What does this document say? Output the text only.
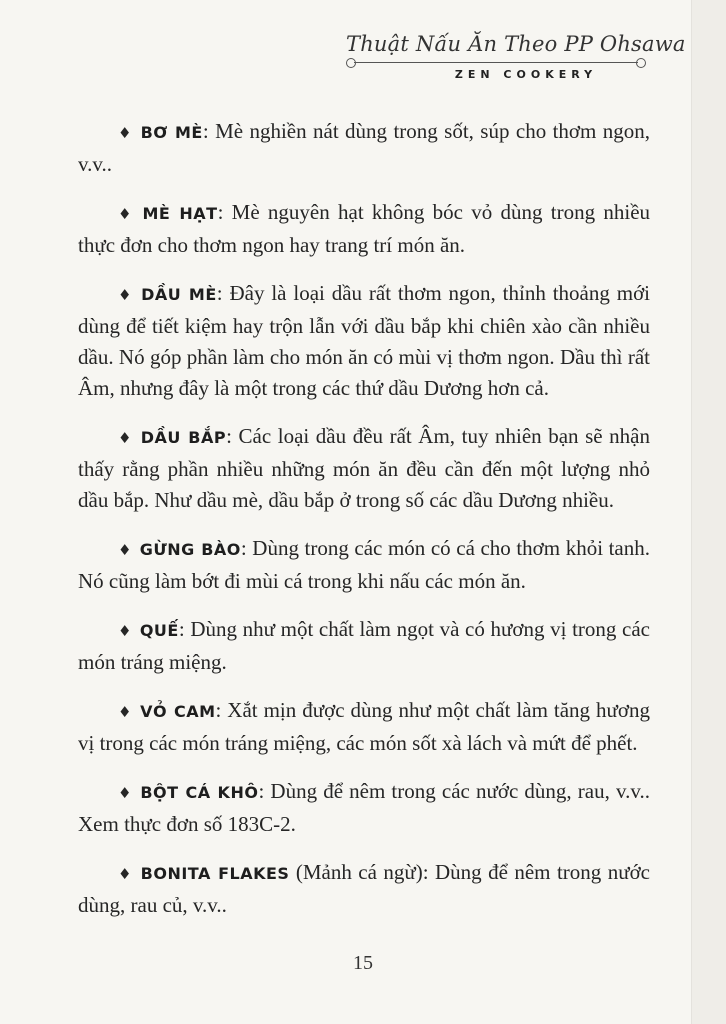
Thuật Nấu Ăn Theo PP Ohsawa
ZEN COOKERY

♦ BƠ MÈ: Mè nghiền nát dùng trong sốt, súp cho thơm ngon, v.v..

♦ MÈ HẠT: Mè nguyên hạt không bóc vỏ dùng trong nhiều thực đơn cho thơm ngon hay trang trí món ăn.

♦ DẦU MÈ: Đây là loại dầu rất thơm ngon, thỉnh thoảng mới dùng để tiết kiệm hay trộn lẫn với dầu bắp khi chiên xào cần nhiều dầu. Nó góp phần làm cho món ăn có mùi vị thơm ngon. Dầu thì rất Âm, nhưng đây là một trong các thứ dầu Dương hơn cả.

♦ DẦU BẮP: Các loại dầu đều rất Âm, tuy nhiên bạn sẽ nhận thấy rằng phần nhiều những món ăn đều cần đến một lượng nhỏ dầu bắp. Như dầu mè, dầu bắp ở trong số các dầu Dương nhiều.

♦ GỪNG BÀO: Dùng trong các món có cá cho thơm khỏi tanh. Nó cũng làm bớt đi mùi cá trong khi nấu các món ăn.

♦ QUẾ: Dùng như một chất làm ngọt và có hương vị trong các món tráng miệng.

♦ VỎ CAM: Xắt mịn được dùng như một chất làm tăng hương vị trong các món tráng miệng, các món sốt xà lách và mứt để phết.

♦ BỘT CÁ KHÔ: Dùng để nêm trong các nước dùng, rau, v.v.. Xem thực đơn số 183C-2.

♦ BONITA FLAKES (Mảnh cá ngừ): Dùng để nêm trong nước dùng, rau củ, v.v..

15
